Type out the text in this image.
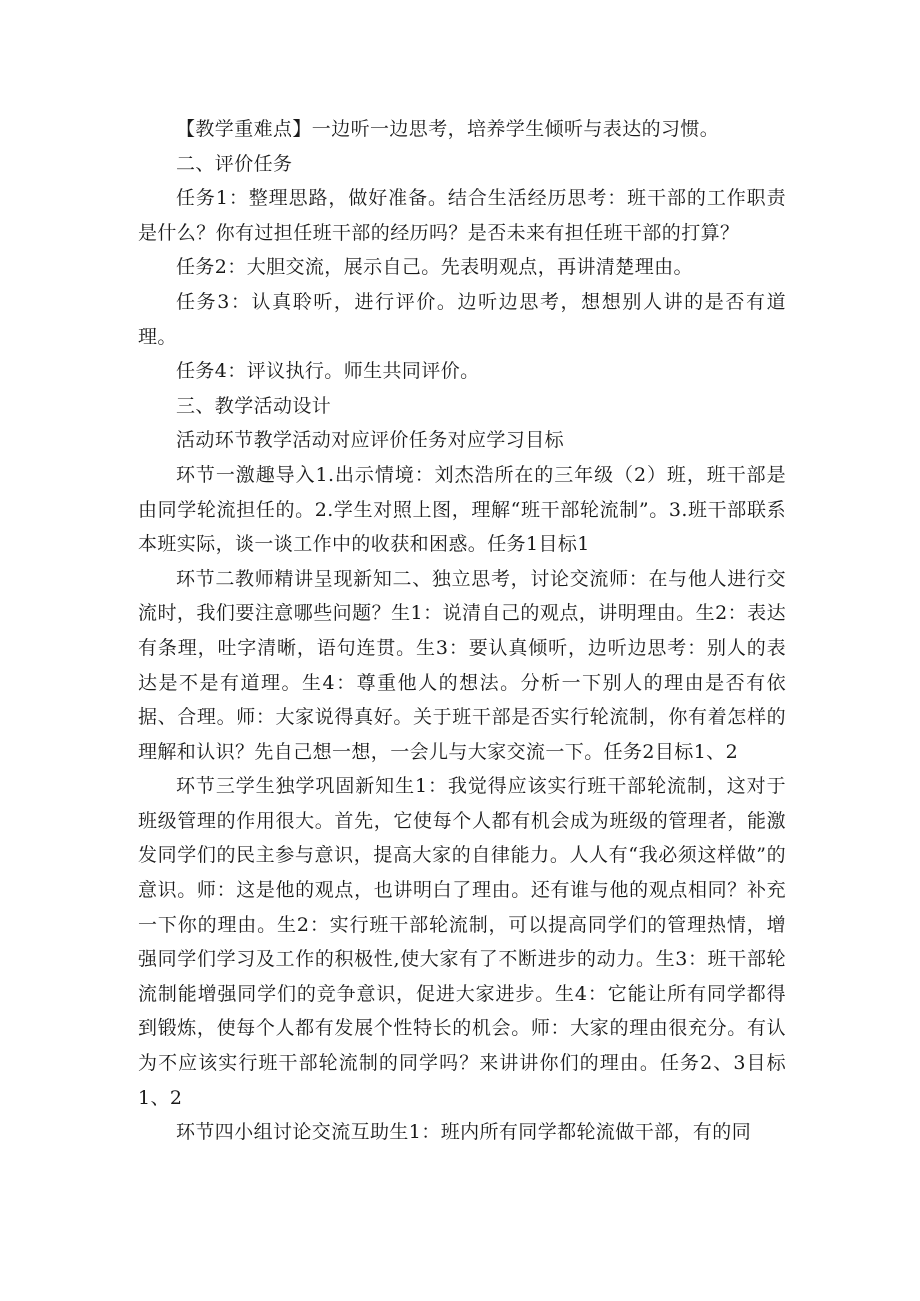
【教学重难点】一边听一边思考，培养学生倾听与表达的习惯。

二、评价任务

任务1：整理思路，做好准备。结合生活经历思考：班干部的工作职责是什么？你有过担任班干部的经历吗？是否未来有担任班干部的打算？

任务2：大胆交流，展示自己。先表明观点，再讲清楚理由。

任务3：认真聆听，进行评价。边听边思考，想想别人讲的是否有道理。

任务4：评议执行。师生共同评价。

三、教学活动设计

活动环节教学活动对应评价任务对应学习目标

环节一激趣导入1.出示情境：刘杰浩所在的三年级（2）班，班干部是由同学轮流担任的。2.学生对照上图，理解“班干部轮流制”。3.班干部联系本班实际，谈一谈工作中的收获和困惑。任务1目标1

环节二教师精讲呈现新知二、独立思考，讨论交流师：在与他人进行交流时，我们要注意哪些问题？生1：说清自己的观点，讲明理由。生2：表达有条理，吐字清晰，语句连贯。生3：要认真倾听，边听边思考：别人的表达是不是有道理。生4：尊重他人的想法。分析一下别人的理由是否有依据、合理。师：大家说得真好。关于班干部是否实行轮流制，你有着怎样的理解和认识？先自己想一想，一会儿与大家交流一下。任务2目标1、2

环节三学生独学巩固新知生1：我觉得应该实行班干部轮流制，这对于班级管理的作用很大。首先，它使每个人都有机会成为班级的管理者，能激发同学们的民主参与意识，提高大家的自律能力。人人有“我必须这样做”的意识。师：这是他的观点，也讲明白了理由。还有谁与他的观点相同？补充一下你的理由。生2：实行班干部轮流制，可以提高同学们的管理热情，增强同学们学习及工作的积极性,使大家有了不断进步的动力。生3：班干部轮流制能增强同学们的竞争意识，促进大家进步。生4：它能让所有同学都得到锻炼，使每个人都有发展个性特长的机会。师：大家的理由很充分。有认为不应该实行班干部轮流制的同学吗？来讲讲你们的理由。任务2、3目标1、2

环节四小组讨论交流互助生1：班内所有同学都轮流做干部，有的同
